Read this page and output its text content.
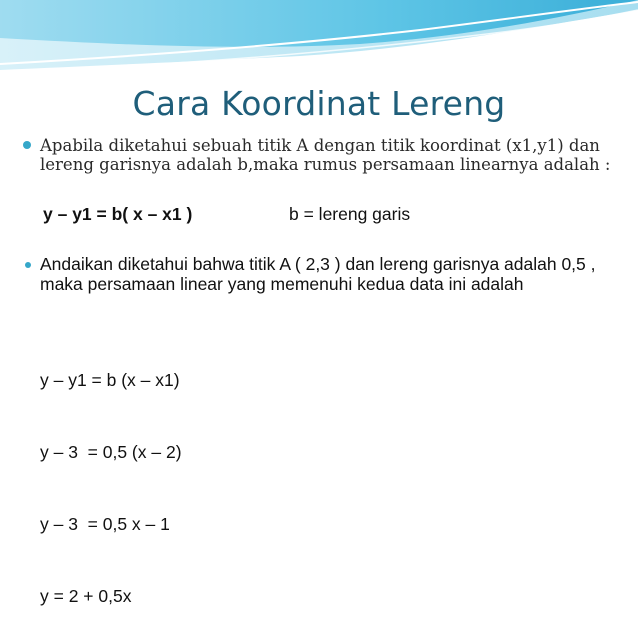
Cara Koordinat Lereng
Apabila diketahui sebuah titik A dengan titik koordinat (x1,y1) dan lereng garisnya adalah b,maka rumus persamaan linearnya adalah :
y – y1 = b( x – x1 )	b = lereng garis
Andaikan diketahui bahwa titik A ( 2,3 ) dan lereng garisnya adalah 0,5 , maka persamaan linear yang memenuhi kedua data ini adalah

y – y1 = b (x – x1)

y – 3  = 0,5 (x – 2)

y – 3  = 0,5 x – 1

y = 2 + 0,5x
